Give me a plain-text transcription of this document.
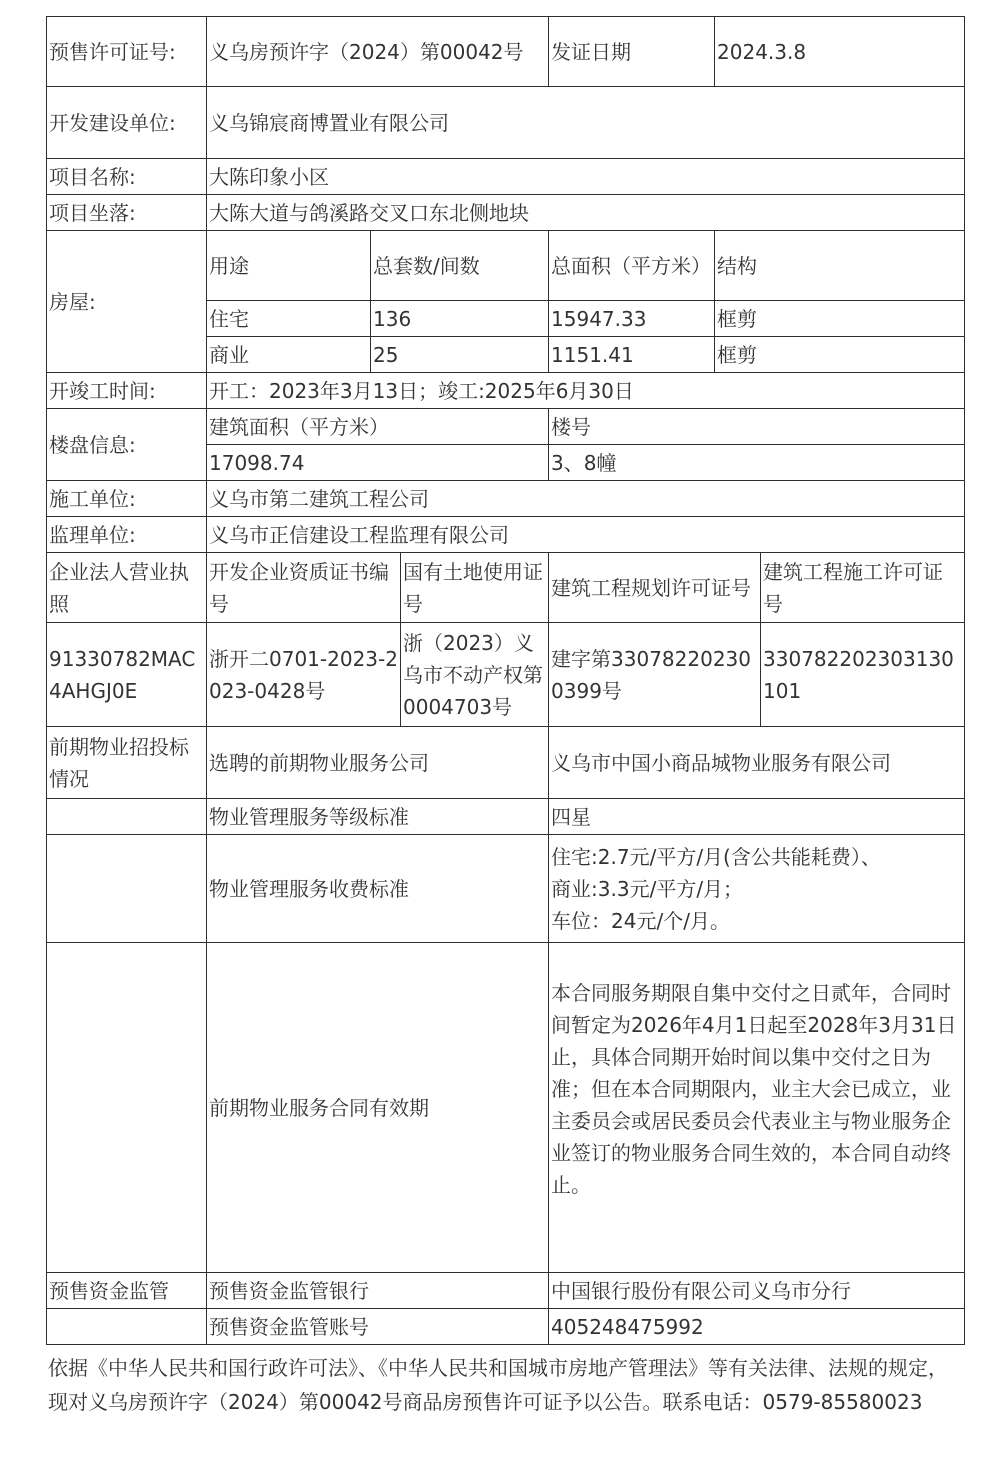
预售许可证号:	义乌房预许字（2024）第00042号			发证日期	2024.3.8	
开发建设单位:	义乌锦宸商博置业有限公司					
项目名称:	大陈印象小区					
项目坐落:	大陈大道与鸽溪路交叉口东北侧地块					
房屋:	用途	总套数/间数		总面积（平方米）	结构	
	住宅	136		15947.33	框剪	
	商业	25		1151.41	框剪	
开竣工时间:	开工：2023年3月13日；竣工:2025年6月30日					
楼盘信息:	建筑面积（平方米）			楼号		
	17098.74			3、8幢		
施工单位:	义乌市第二建筑工程公司					
监理单位:	义乌市正信建设工程监理有限公司					
企业法人营业执照	开发企业资质证书编号		国有土地使用证号	建筑工程规划许可证号		建筑工程施工许可证号
91330782MAC4AHGJ0E	浙开二0701-2023-2023-0428号		浙（2023）义乌市不动产权第0004703号	建字第330782202300399号		330782202303130101
前期物业招投标情况	选聘的前期物业服务公司			义乌市中国小商品城物业服务有限公司		
	物业管理服务等级标准			四星		
	物业管理服务收费标准			住宅:2.7元/平方/月(含公共能耗费）、
商业:3.3元/平方/月；
车位：24元/个/月。		

	前期物业服务合同有效期			本合同服务期限自集中交付之日贰年，合同时间暂定为2026年4月1日起至2028年3月31日止，具体合同期开始时间以集中交付之日为准；但在本合同期限内，业主大会已成立，业主委员会或居民委员会代表业主与物业服务企业签订的物业服务合同生效的，本合同自动终止。		
预售资金监管	预售资金监管银行			中国银行股份有限公司义乌市分行		
	预售资金监管账号			405248475992		
依据《中华人民共和国行政许可法》、《中华人民共和国城市房地产管理法》等有关法律、法规的规定，现对义乌房预许字（2024）第00042号商品房预售许可证予以公告。联系电话：0579-85580023
